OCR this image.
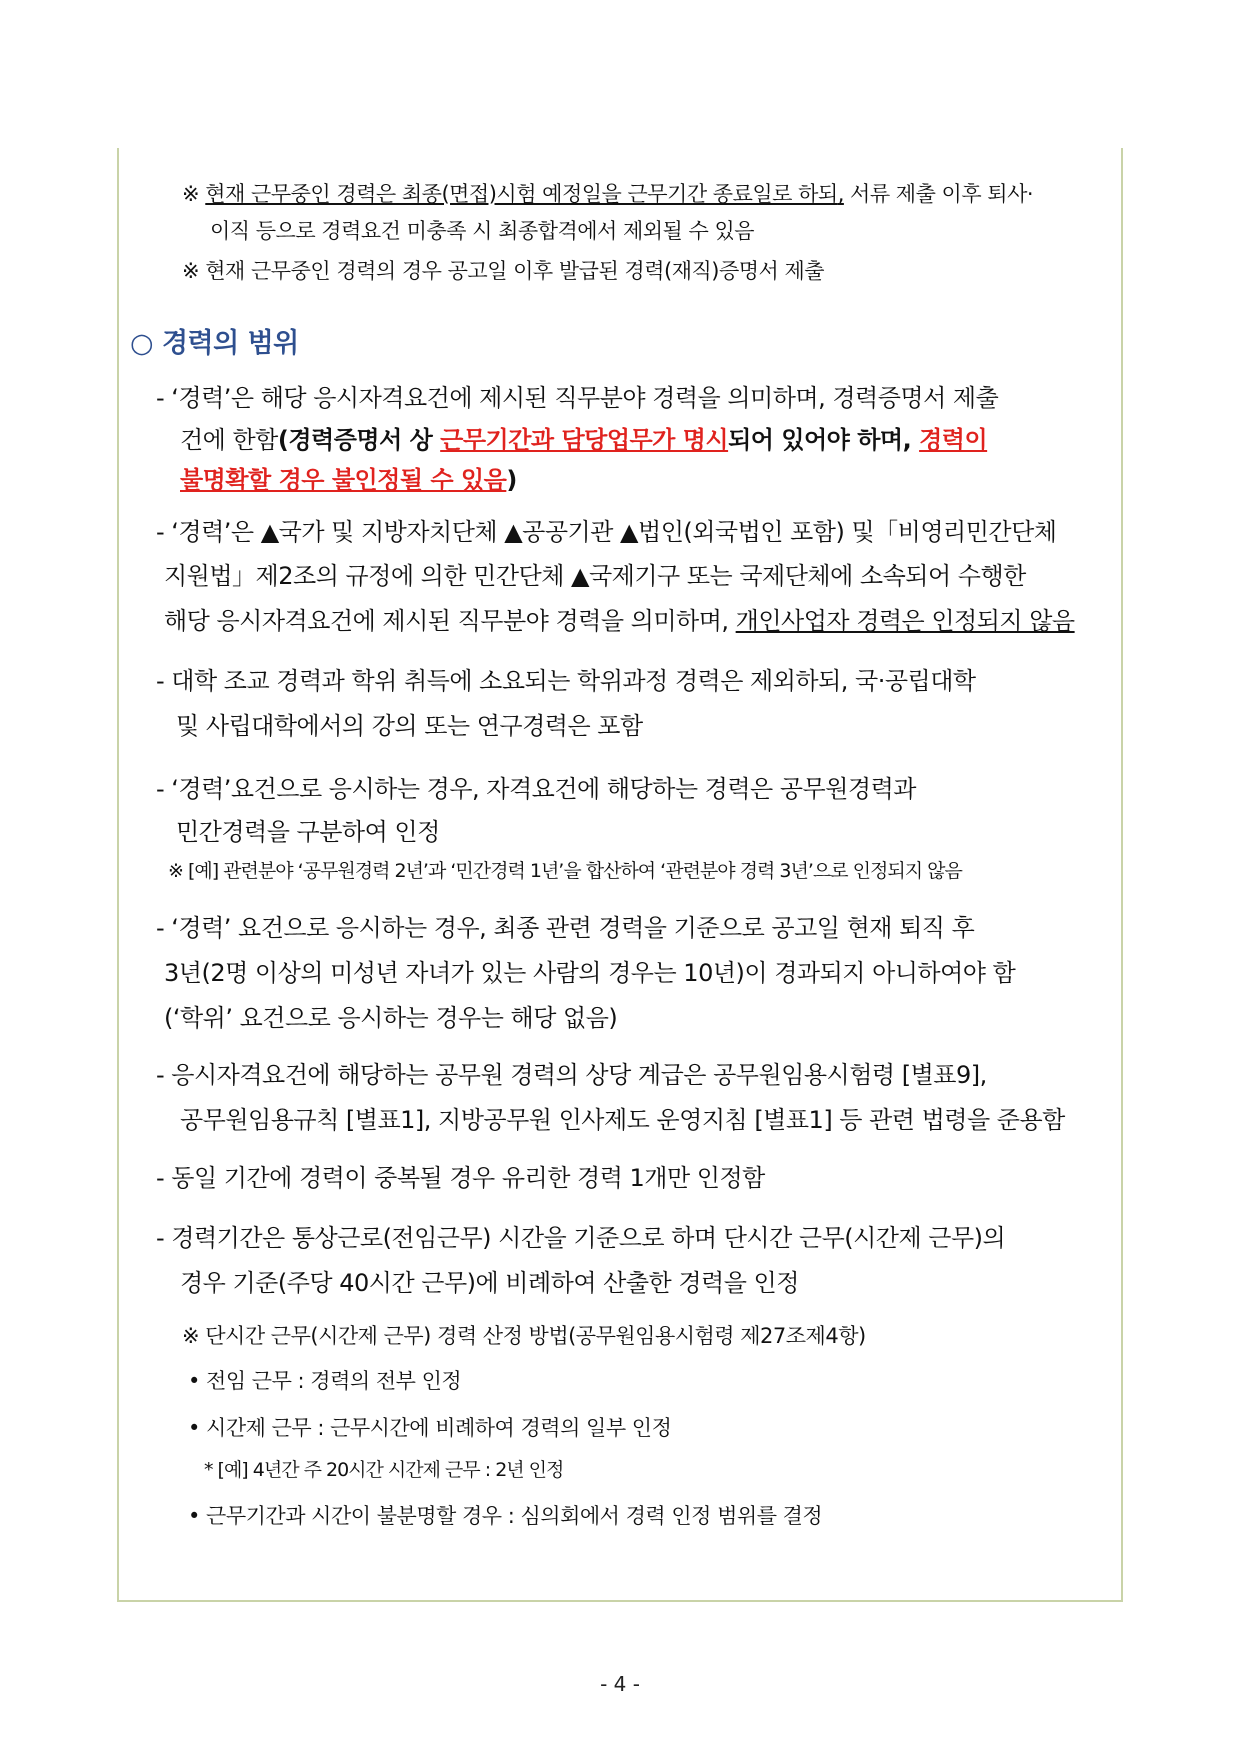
※ 현재 근무중인 경력은 최종(면접)시험 예정일을 근무기간 종료일로 하되, 서류 제출 이후 퇴사·
이직 등으로 경력요건 미충족 시 최종합격에서 제외될 수 있음
※ 현재 근무중인 경력의 경우 공고일 이후 발급된 경력(재직)증명서 제출
○ 경력의 범위
- ‘경력’은 해당 응시자격요건에 제시된 직무분야 경력을 의미하며, 경력증명서 제출
건에 한함(경력증명서 상 근무기간과 담당업무가 명시되어 있어야 하며, 경력이
불명확할 경우 불인정될 수 있음)
- ‘경력’은 ▲국가 및 지방자치단체 ▲공공기관 ▲법인(외국법인 포함) 및「비영리민간단체
지원법」제2조의 규정에 의한 민간단체 ▲국제기구 또는 국제단체에 소속되어 수행한
해당 응시자격요건에 제시된 직무분야 경력을 의미하며, 개인사업자 경력은 인정되지 않음
- 대학 조교 경력과 학위 취득에 소요되는 학위과정 경력은 제외하되, 국·공립대학
및 사립대학에서의 강의 또는 연구경력은 포함
- ‘경력’요건으로 응시하는 경우, 자격요건에 해당하는 경력은 공무원경력과
민간경력을 구분하여 인정
※ [예] 관련분야 ‘공무원경력 2년’과 ‘민간경력 1년’을 합산하여 ‘관련분야 경력 3년’으로 인정되지 않음
- ‘경력’ 요건으로 응시하는 경우, 최종 관련 경력을 기준으로 공고일 현재 퇴직 후
3년(2명 이상의 미성년 자녀가 있는 사람의 경우는 10년)이 경과되지 아니하여야 함
(‘학위’ 요건으로 응시하는 경우는 해당 없음)
- 응시자격요건에 해당하는 공무원 경력의 상당 계급은 공무원임용시험령 [별표9],
공무원임용규칙 [별표1], 지방공무원 인사제도 운영지침 [별표1] 등 관련 법령을 준용함
- 동일 기간에 경력이 중복될 경우 유리한 경력 1개만 인정함
- 경력기간은 통상근로(전임근무) 시간을 기준으로 하며 단시간 근무(시간제 근무)의
경우 기준(주당 40시간 근무)에 비례하여 산출한 경력을 인정
※ 단시간 근무(시간제 근무) 경력 산정 방법(공무원임용시험령 제27조제4항)
• 전임 근무 : 경력의 전부 인정
• 시간제 근무 : 근무시간에 비례하여 경력의 일부 인정
* [예] 4년간 주 20시간 시간제 근무 : 2년 인정
• 근무기간과 시간이 불분명할 경우 : 심의회에서 경력 인정 범위를 결정
- 4 -
